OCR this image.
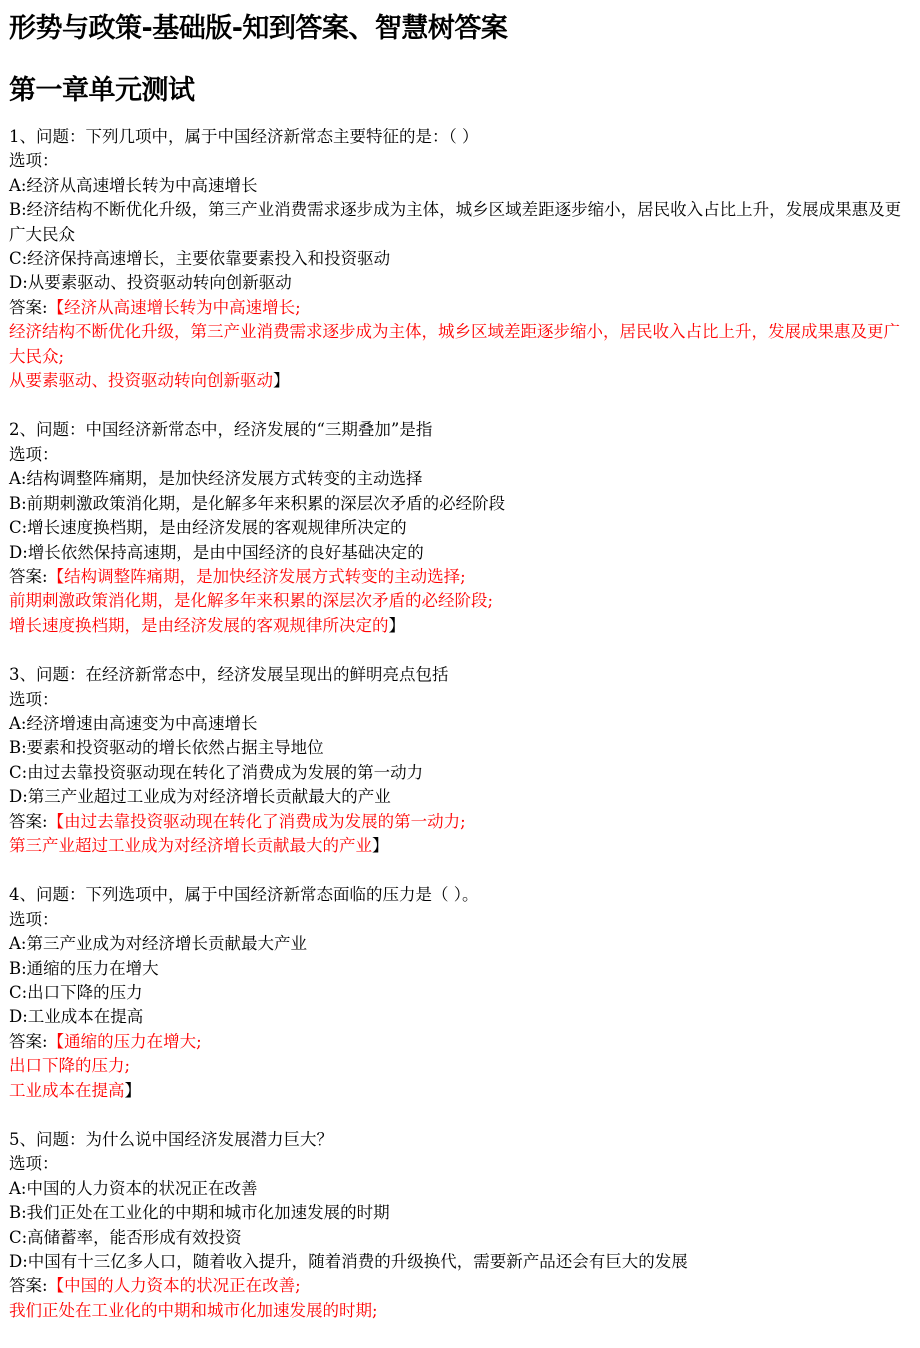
形势与政策-基础版-知到答案、智慧树答案
第一章单元测试
1、问题：下列几项中，属于中国经济新常态主要特征的是：（ ）
选项：
A:经济从高速增长转为中高速增长
B:经济结构不断优化升级，第三产业消费需求逐步成为主体，城乡区域差距逐步缩小，居民收入占比上升，发展成果惠及更广大民众
C:经济保持高速增长，主要依靠要素投入和投资驱动
D:从要素驱动、投资驱动转向创新驱动
答案:【经济从高速增长转为中高速增长;
经济结构不断优化升级，第三产业消费需求逐步成为主体，城乡区域差距逐步缩小，居民收入占比上升，发展成果惠及更广大民众;
从要素驱动、投资驱动转向创新驱动】
2、问题：中国经济新常态中，经济发展的“三期叠加”是指
选项：
A:结构调整阵痛期，是加快经济发展方式转变的主动选择
B:前期刺激政策消化期，是化解多年来积累的深层次矛盾的必经阶段
C:增长速度换档期，是由经济发展的客观规律所决定的
D:增长依然保持高速期，是由中国经济的良好基础决定的
答案:【结构调整阵痛期，是加快经济发展方式转变的主动选择;
前期刺激政策消化期，是化解多年来积累的深层次矛盾的必经阶段;
增长速度换档期，是由经济发展的客观规律所决定的】
3、问题：在经济新常态中，经济发展呈现出的鲜明亮点包括
选项：
A:经济增速由高速变为中高速增长
B:要素和投资驱动的增长依然占据主导地位
C:由过去靠投资驱动现在转化了消费成为发展的第一动力
D:第三产业超过工业成为对经济增长贡献最大的产业
答案:【由过去靠投资驱动现在转化了消费成为发展的第一动力;
第三产业超过工业成为对经济增长贡献最大的产业】
4、问题：下列选项中，属于中国经济新常态面临的压力是（ ）。
选项：
A:第三产业成为对经济增长贡献最大产业
B:通缩的压力在增大
C:出口下降的压力
D:工业成本在提高
答案:【通缩的压力在增大;
出口下降的压力;
工业成本在提高】
5、问题：为什么说中国经济发展潜力巨大？
选项：
A:中国的人力资本的状况正在改善
B:我们正处在工业化的中期和城市化加速发展的时期
C:高储蓄率，能否形成有效投资
D:中国有十三亿多人口，随着收入提升，随着消费的升级换代，需要新产品还会有巨大的发展
答案:【中国的人力资本的状况正在改善;
我们正处在工业化的中期和城市化加速发展的时期;
